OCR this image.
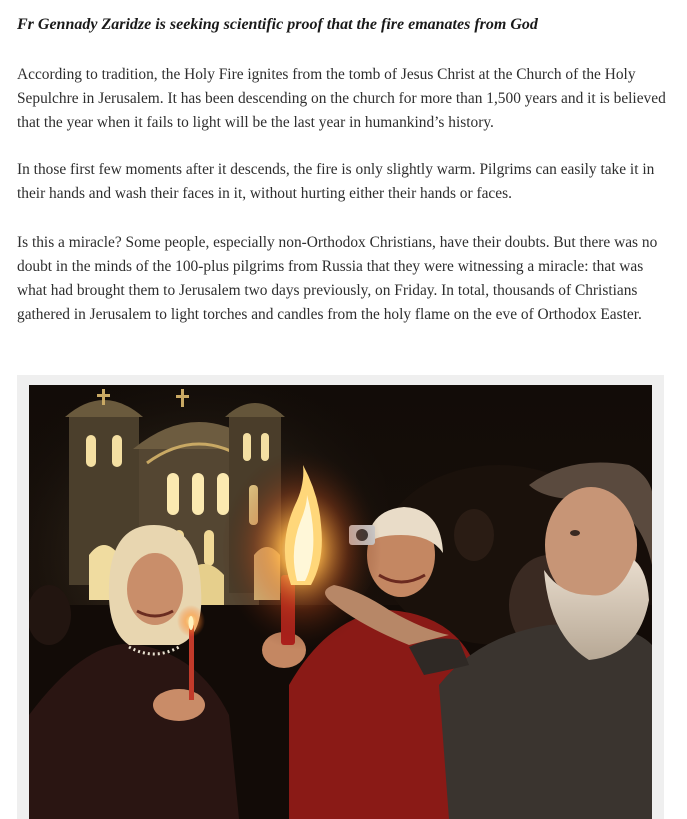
Fr Gennady Zaridze is seeking scientific proof that the fire emanates from God

According to tradition, the Holy Fire ignites from the tomb of Jesus Christ at the Church of the Holy Sepulchre in Jerusalem. It has been descending on the church for more than 1,500 years and it is believed that the year when it fails to light will be the last year in humankind’s history.

In those first few moments after it descends, the fire is only slightly warm. Pilgrims can easily take it in their hands and wash their faces in it, without hurting either their hands or faces.

Is this a miracle? Some people, especially non-Orthodox Christians, have their doubts. But there was no doubt in the minds of the 100-plus pilgrims from Russia that they were witnessing a miracle: that was what had brought them to Jerusalem two days previously, on Friday. In total, thousands of Christians gathered in Jerusalem to light torches and candles from the holy flame on the eve of Orthodox Easter.
